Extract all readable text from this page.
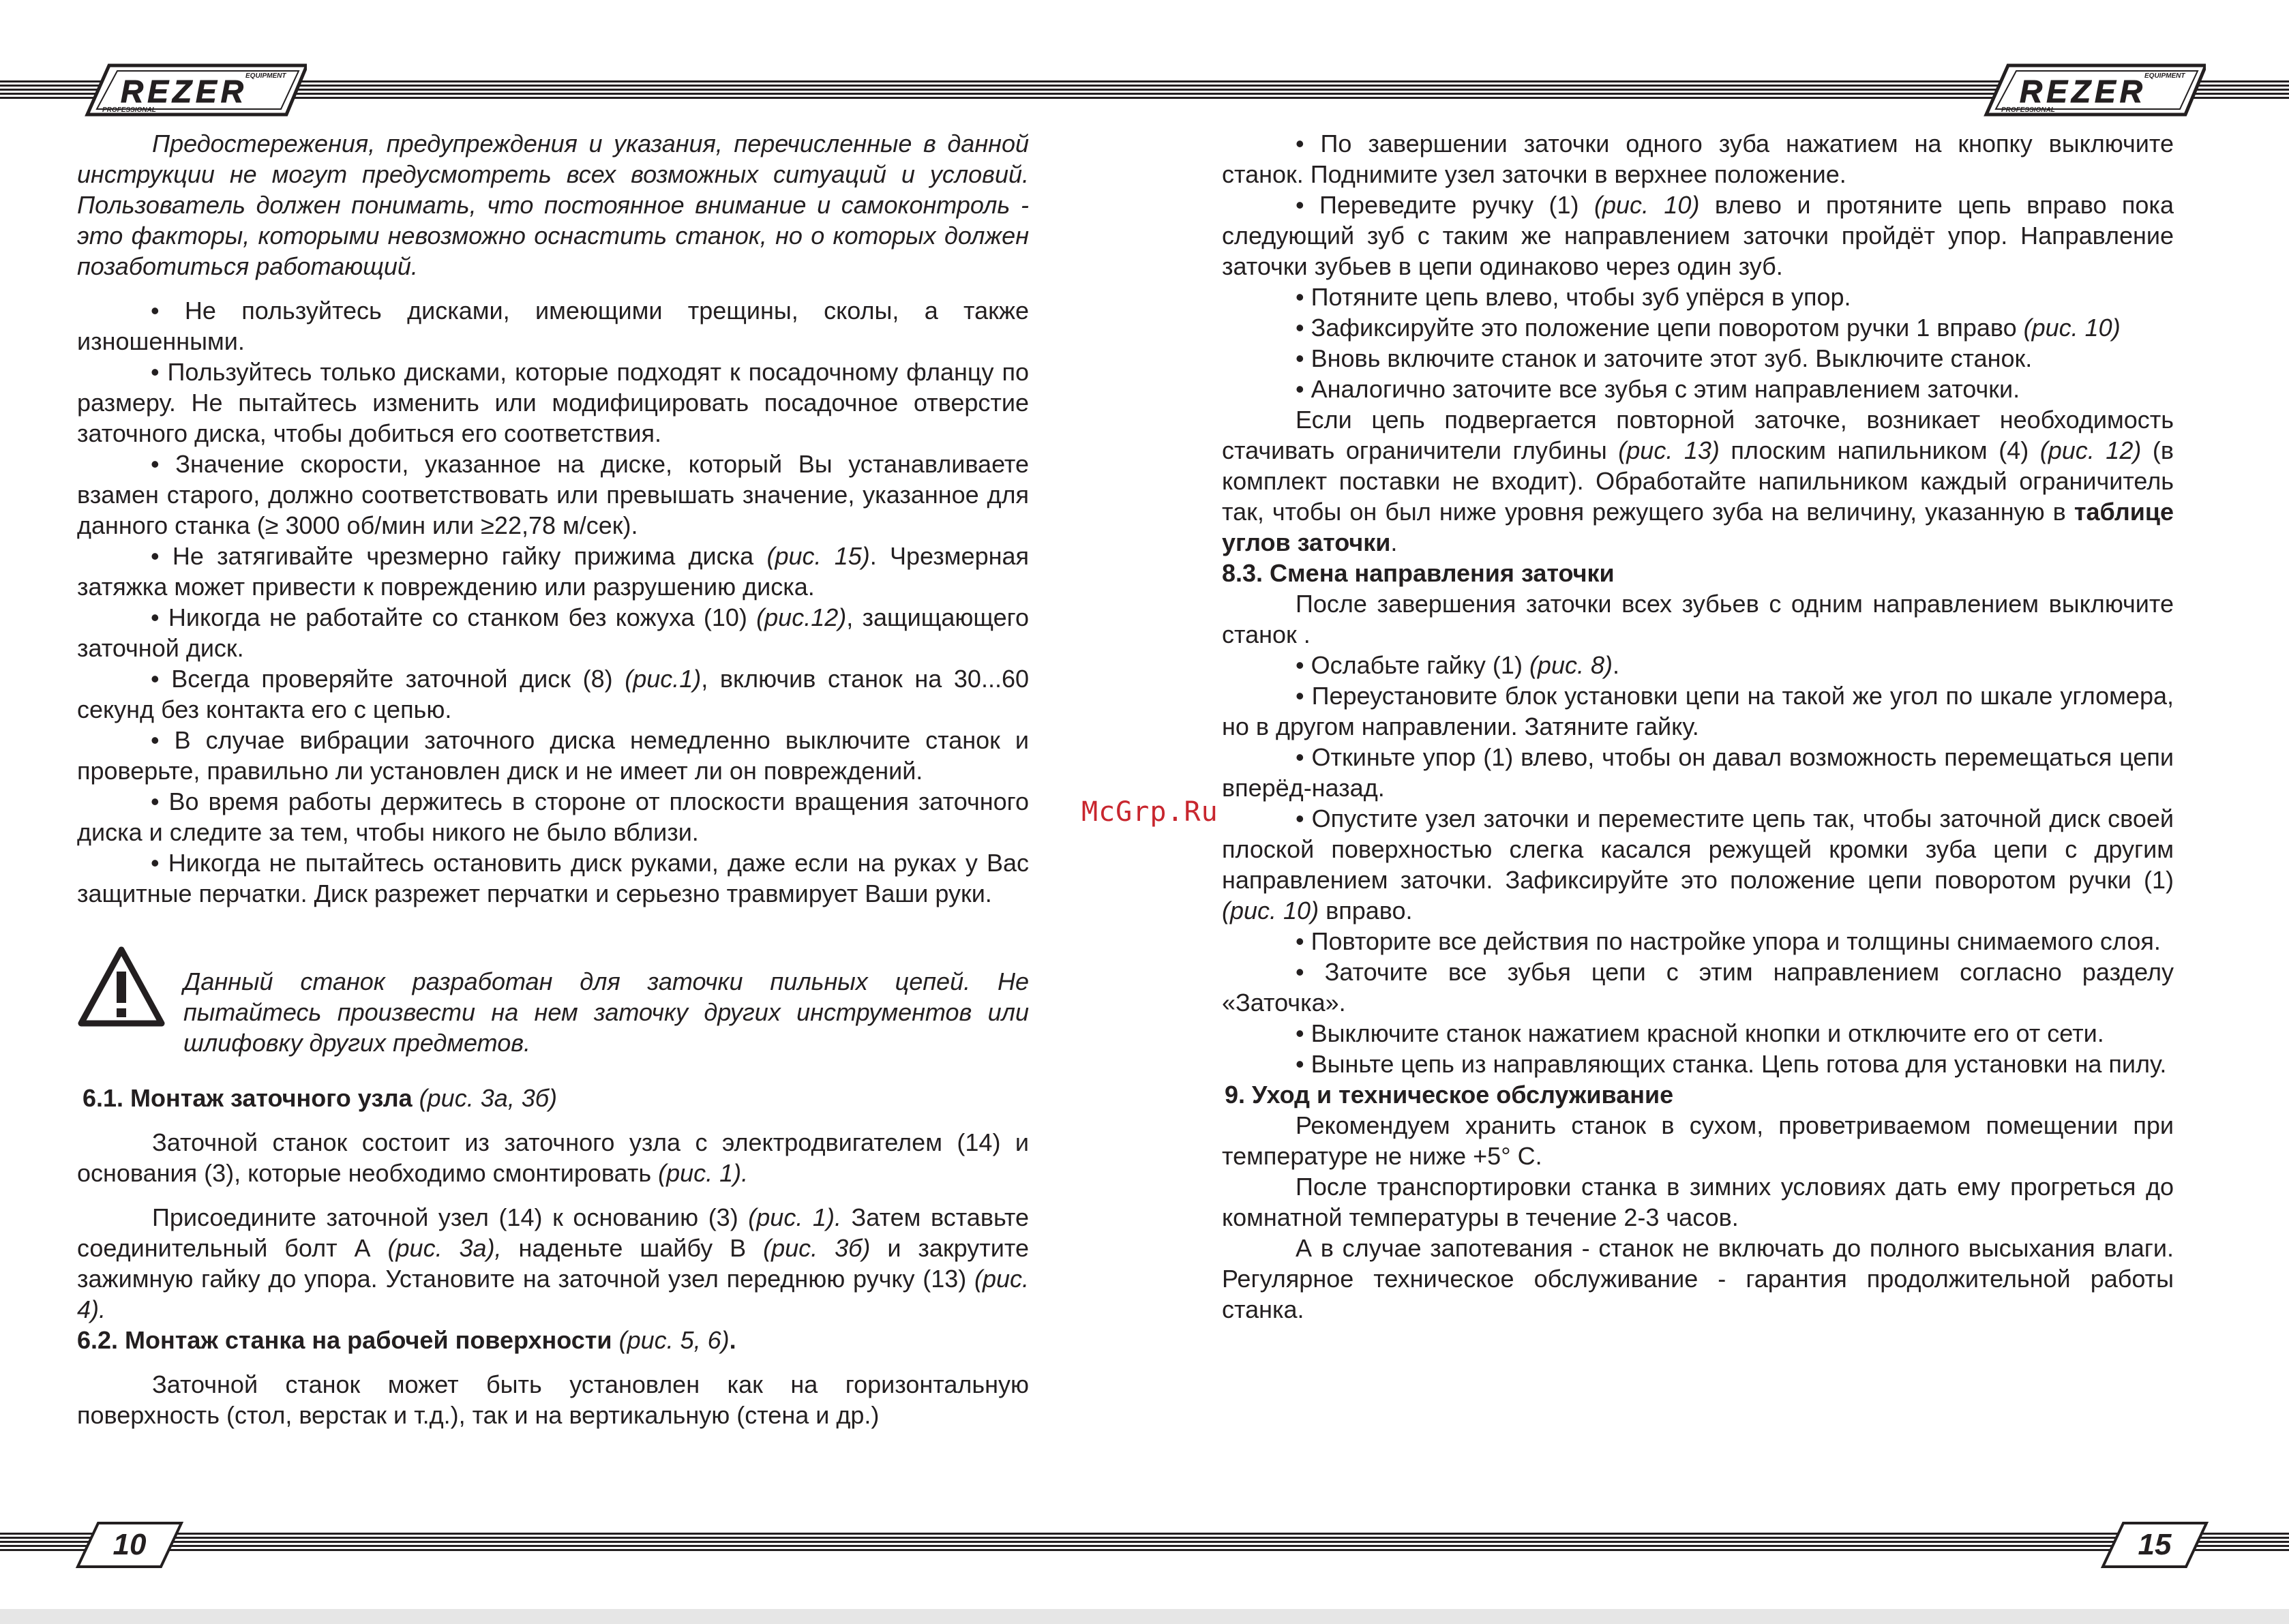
REZER
PROFESSIONAL
EQUIPMENT	REZER
PROFESSIONAL
EQUIPMENT

Предостережения, предупреждения и указания, перечисленные в данной инструкции не могут предусмотреть всех возможных ситуаций и условий. Пользователь должен понимать, что постоянное внимание и самоконтроль - это факторы, которыми невозможно оснастить станок, но о которых должен позаботиться работающий.

• Не пользуйтесь дисками, имеющими трещины, сколы, а также изношенными.

• Пользуйтесь только дисками, которые подходят к посадочному фланцу по размеру. Не пытайтесь изменить или модифицировать посадочное отверстие заточного диска, чтобы добиться его соответствия.

• Значение скорости, указанное на диске, который Вы устанавливаете взамен старого, должно соответствовать или превышать значение, указанное для данного станка (≥ 3000 об/мин или ≥22,78 м/сек).

• Не затягивайте чрезмерно гайку прижима диска (рис. 15). Чрезмерная затяжка может привести к повреждению или разрушению диска.

• Никогда не работайте со станком без кожуха (10) (рис.12), защищающего заточной диск.

• Всегда проверяйте заточной диск (8) (рис.1), включив станок на 30...60 секунд без контакта его с цепью.

• В случае вибрации заточного диска немедленно выключите станок и проверьте, правильно ли установлен диск и не имеет ли он повреждений.

• Во время работы держитесь в стороне от плоскости вращения заточного диска и следите за тем, чтобы никого не было вблизи.

• Никогда не пытайтесь остановить диск руками, даже если на руках у Вас защитные перчатки. Диск разрежет перчатки и серьезно травмирует Ваши руки.

Данный станок разработан для заточки пильных цепей. Не пытайтесь произвести на нем заточку других инструментов или шлифовку других предметов.

6.1. Монтаж заточного узла (рис. 3а, 3б)

Заточной станок состоит из заточного узла с электродвигателем (14) и основания (3), которые необходимо смонтировать (рис. 1).

Присоедините заточной узел (14) к основанию (3) (рис. 1). Затем вставьте соединительный болт А (рис. 3а), наденьте шайбу В (рис. 3б) и закрутите зажимную гайку до упора. Установите на заточной узел переднюю ручку (13) (рис. 4).

6.2. Монтаж станка на рабочей поверхности (рис. 5, 6).

Заточной станок может быть установлен как на горизонтальную поверхность (стол, верстак и т.д.), так и на вертикальную (стена и др.)

McGrp.Ru

• По завершении заточки одного зуба нажатием на кнопку выключите станок. Поднимите узел заточки в верхнее положение.

• Переведите ручку (1) (рис. 10) влево и протяните цепь вправо пока следующий зуб с таким же направлением заточки пройдёт упор. Направление заточки зубьев в цепи одинаково через один зуб.

• Потяните цепь влево, чтобы зуб упёрся в упор.

• Зафиксируйте это положение цепи поворотом ручки 1 вправо (рис. 10)

• Вновь включите станок и заточите этот зуб. Выключите станок.

• Аналогично заточите все зубья с этим направлением заточки.

Если цепь подвергается повторной заточке, возникает необходимость стачивать ограничители глубины (рис. 13) плоским напильником (4) (рис. 12) (в комплект поставки не входит). Обработайте напильником каждый ограничитель так, чтобы он был ниже уровня режущего зуба на величину, указанную в таблице углов заточки.

8.3. Смена направления заточки

После завершения заточки всех зубьев с одним направлением выключите станок .

• Ослабьте гайку (1) (рис. 8).

• Переустановите блок установки цепи на такой же угол по шкале угломера, но в другом направлении. Затяните гайку.

• Откиньте упор (1) влево, чтобы он давал возможность перемещаться цепи вперёд-назад.

• Опустите узел заточки и переместите цепь так, чтобы заточной диск своей плоской поверхностью слегка касался режущей кромки зуба цепи с другим направлением заточки. Зафиксируйте это положение цепи поворотом ручки (1) (рис. 10) вправо.

• Повторите все действия по настройке упора и толщины снимаемого слоя.

• Заточите все зубья цепи с этим направлением согласно разделу «Заточка».

• Выключите станок нажатием красной кнопки и отключите его от сети.

• Выньте цепь из направляющих станка. Цепь готова для установки на пилу.

9. Уход и техническое обслуживание

Рекомендуем хранить станок в сухом, проветриваемом помещении при температуре не ниже +5° С.

После транспортировки станка в зимних условиях дать ему прогреться до комнатной температуры в течение 2-3 часов.

А в случае запотевания - станок не включать до полного высыхания влаги. Регулярное техническое обслуживание - гарантия продолжительной работы станка.

10	15
